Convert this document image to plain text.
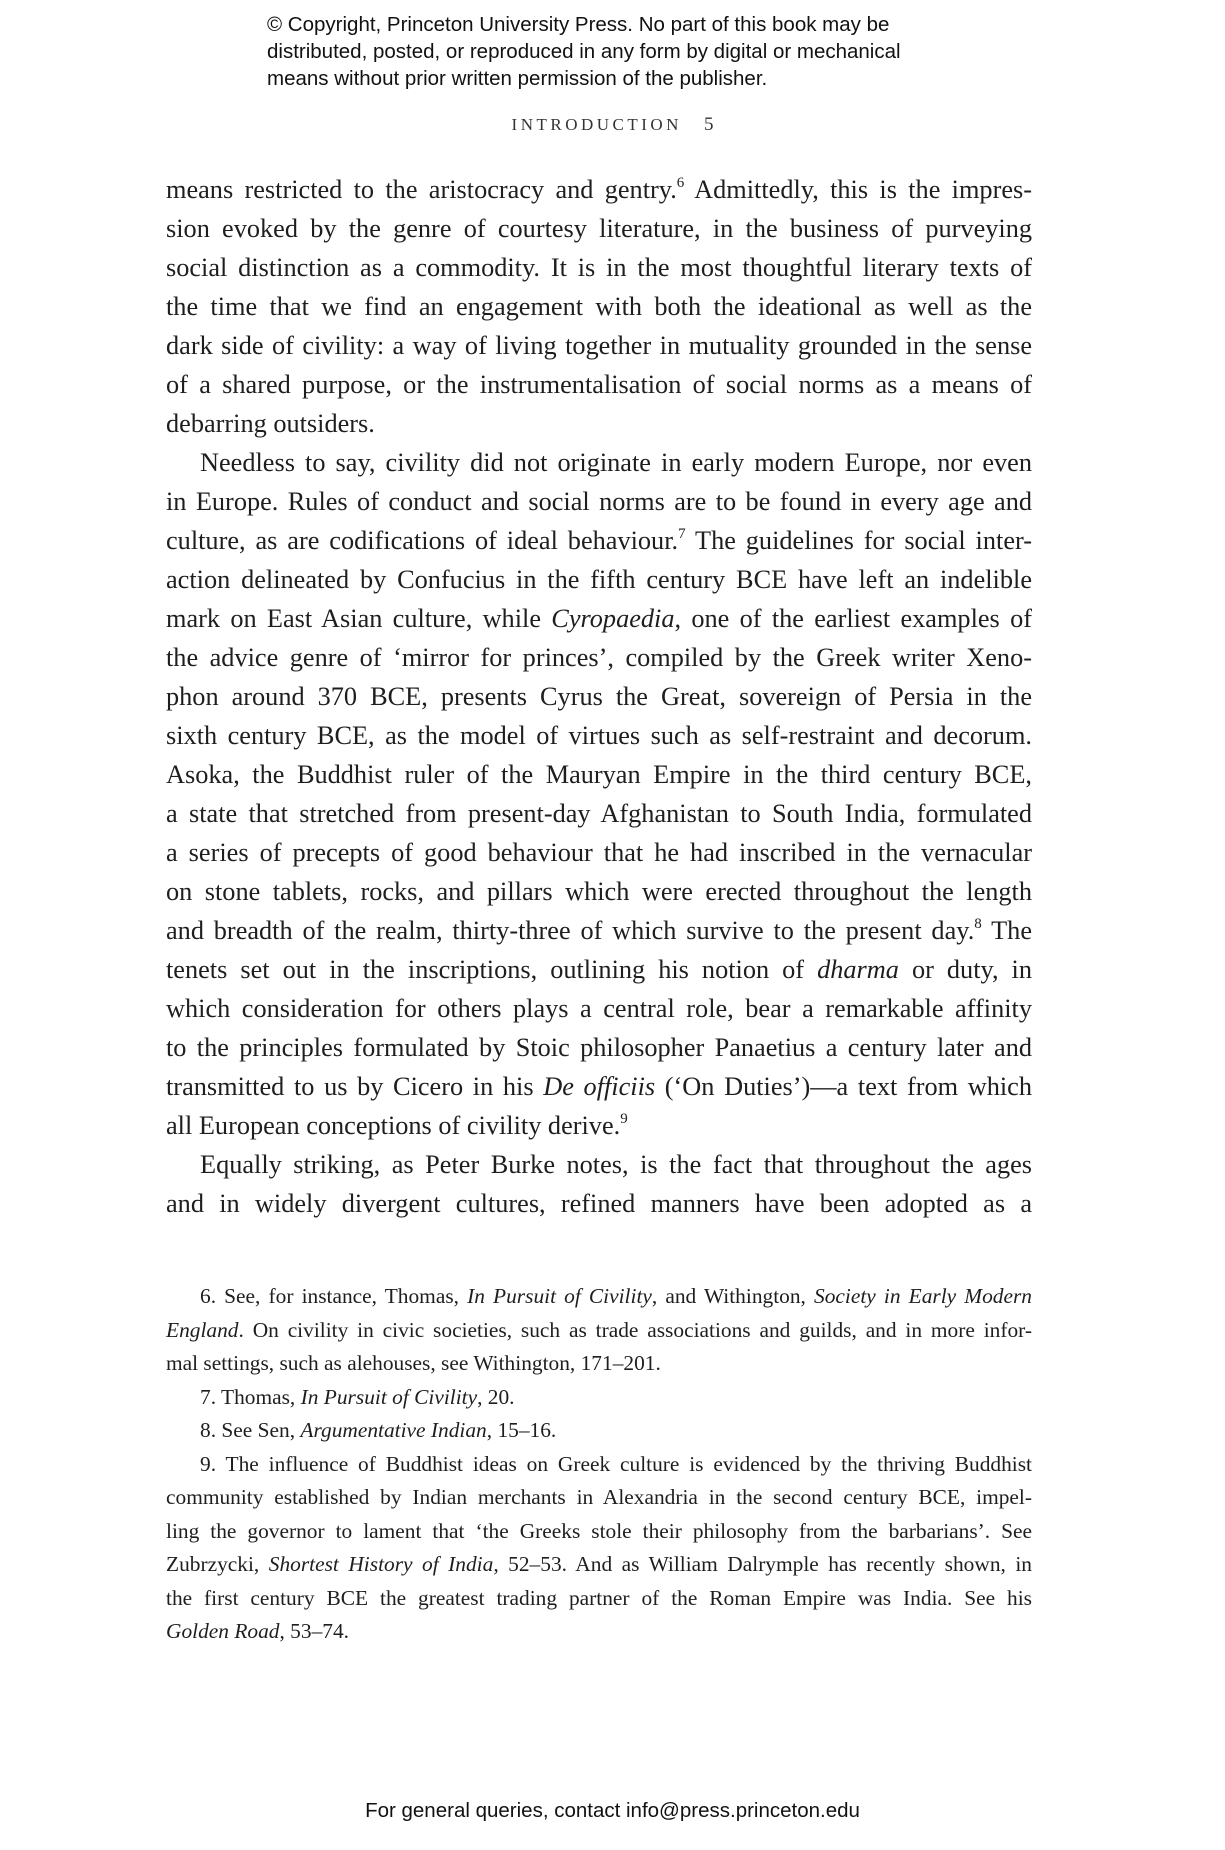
© Copyright, Princeton University Press. No part of this book may be
distributed, posted, or reproduced in any form by digital or mechanical
means without prior written permission of the publisher.
INTRODUCTION 5

means restricted to the aristocracy and gentry.$^6$ Admittedly, this is the impres-
sion evoked by the genre of courtesy literature, in the business of purveying
social distinction as a commodity. It is in the most thoughtful literary texts of
the time that we find an engagement with both the ideational as well as the
dark side of civility: a way of living together in mutuality grounded in the sense
of a shared purpose, or the instrumentalisation of social norms as a means of
debarring outsiders.

Needless to say, civility did not originate in early modern Europe, nor even
in Europe. Rules of conduct and social norms are to be found in every age and
culture, as are codifications of ideal behaviour.$^7$ The guidelines for social inter-
action delineated by Confucius in the fifth century BCE have left an indelible
mark on East Asian culture, while Cyropaedia, one of the earliest examples of
the advice genre of ‘mirror for princes’, compiled by the Greek writer Xeno-
phon around 370 BCE, presents Cyrus the Great, sovereign of Persia in the
sixth century BCE, as the model of virtues such as self-restraint and decorum.
Asoka, the Buddhist ruler of the Mauryan Empire in the third century BCE,
a state that stretched from present-day Afghanistan to South India, formulated
a series of precepts of good behaviour that he had inscribed in the vernacular
on stone tablets, rocks, and pillars which were erected throughout the length
and breadth of the realm, thirty-three of which survive to the present day.$^8$ The
tenets set out in the inscriptions, outlining his notion of dharma or duty, in
which consideration for others plays a central role, bear a remarkable affinity
to the principles formulated by Stoic philosopher Panaetius a century later and
transmitted to us by Cicero in his De officiis (‘On Duties’)—a text from which
all European conceptions of civility derive.$^9$

Equally striking, as Peter Burke notes, is the fact that throughout the ages
and in widely divergent cultures, refined manners have been adopted as a

6. See, for instance, Thomas, In Pursuit of Civility, and Withington, Society in Early Modern
England. On civility in civic societies, such as trade associations and guilds, and in more infor-
mal settings, such as alehouses, see Withington, 171–201.
7. Thomas, In Pursuit of Civility, 20.
8. See Sen, Argumentative Indian, 15–16.
9. The influence of Buddhist ideas on Greek culture is evidenced by the thriving Buddhist
community established by Indian merchants in Alexandria in the second century BCE, impel-
ling the governor to lament that ‘the Greeks stole their philosophy from the barbarians’. See
Zubrzycki, Shortest History of India, 52–53. And as William Dalrymple has recently shown, in
the first century BCE the greatest trading partner of the Roman Empire was India. See his
Golden Road, 53–74.
For general queries, contact info@press.princeton.edu
